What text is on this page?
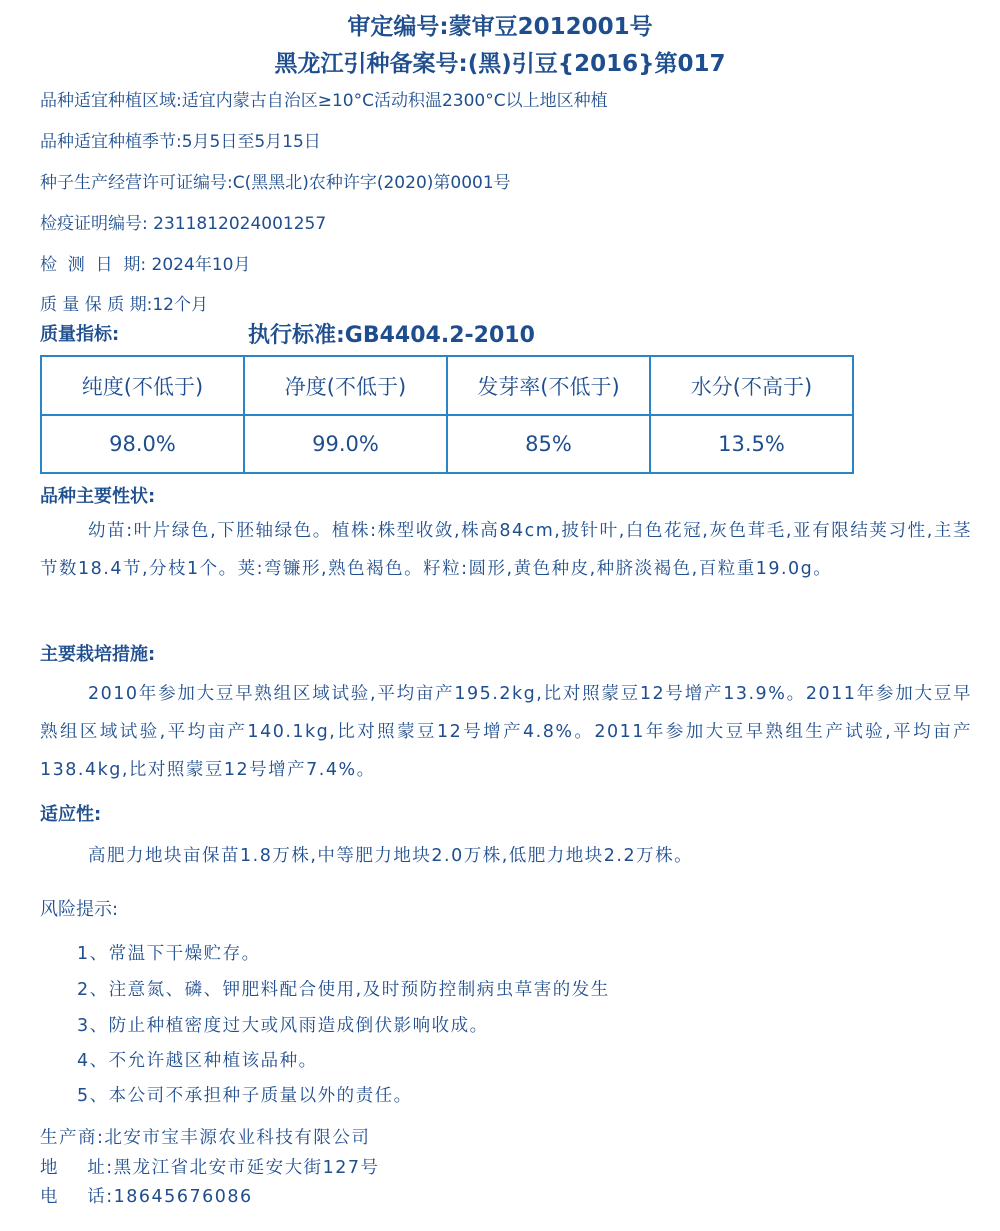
审定编号:蒙审豆2012001号
黑龙江引种备案号:(黑)引豆{2016}第017
品种适宜种植区域:适宜内蒙古自治区≥10°C活动积温2300°C以上地区种植
品种适宜种植季节:5月5日至5月15日
种子生产经营许可证编号:C(黑黑北)农种许字(2020)第0001号
检疫证明编号: 2311812024001257
检  测  日  期: 2024年10月
质 量 保 质 期:12个月
质量指标:	执行标准:GB4404.2-2010
纯度(不低于)	净度(不低于)	发芽率(不低于)	水分(不高于)
98.0%	99.0%	85%	13.5%
品种主要性状:
幼苗:叶片绿色,下胚轴绿色。植株:株型收敛,株高84cm,披针叶,白色花冠,灰色茸毛,亚有限结荚习性,主茎节数18.4节,分枝1个。荚:弯镰形,熟色褐色。籽粒:圆形,黄色种皮,种脐淡褐色,百粒重19.0g。
主要栽培措施:
2010年参加大豆早熟组区域试验,平均亩产195.2kg,比对照蒙豆12号增产13.9%。2011年参加大豆早熟组区域试验,平均亩产140.1kg,比对照蒙豆12号增产4.8%。2011年参加大豆早熟组生产试验,平均亩产138.4kg,比对照蒙豆12号增产7.4%。
适应性:
高肥力地块亩保苗1.8万株,中等肥力地块2.0万株,低肥力地块2.2万株。
风险提示:
1、常温下干燥贮存。
2、注意氮、磷、钾肥料配合使用,及时预防控制病虫草害的发生
3、防止种植密度过大或风雨造成倒伏影响收成。
4、不允许越区种植该品种。
5、本公司不承担种子质量以外的责任。
生产商:北安市宝丰源农业科技有限公司
地    址:黑龙江省北安市延安大街127号
电    话:18645676086
